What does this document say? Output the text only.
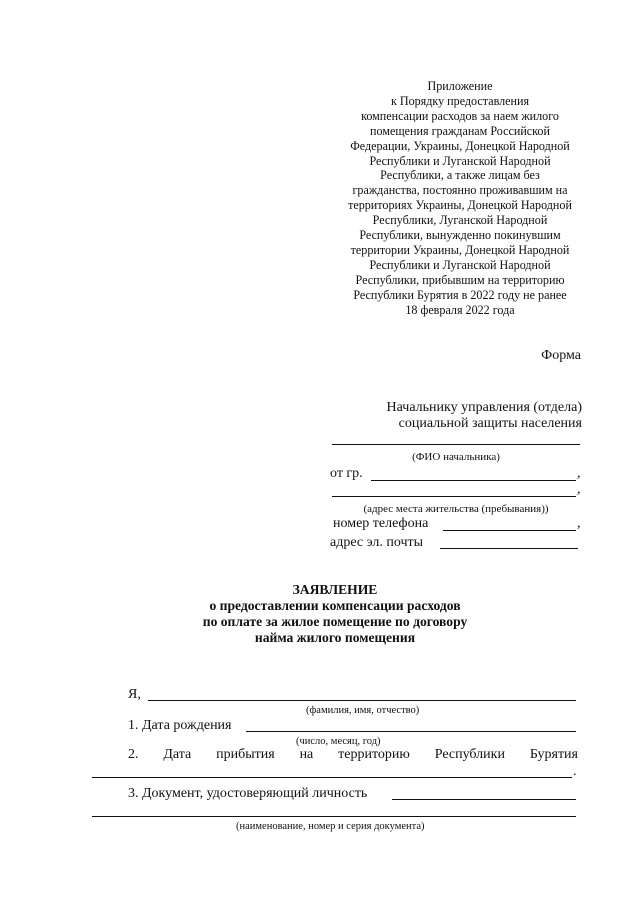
Приложение
к Порядку предоставления
компенсации расходов за наем жилого
помещения гражданам Российской
Федерации, Украины, Донецкой Народной
Республики и Луганской Народной
Республики, а также лицам без
гражданства, постоянно проживавшим на
территориях Украины, Донецкой Народной
Республики, Луганской Народной
Республики, вынужденно покинувшим
территории Украины, Донецкой Народной
Республики и Луганской Народной
Республики, прибывшим на территорию
Республики Бурятия в 2022 году не ранее
18 февраля 2022 года
Форма
Начальнику управления (отдела)
социальной защиты населения
(ФИО начальника)
от гр.	,
,
(адрес места жительства (пребывания))
номер телефона	,
адрес эл. почты
ЗАЯВЛЕНИЕ
о предоставлении компенсации расходов
по оплате за жилое помещение по договору
найма жилого помещения
Я,
(фамилия, имя, отчество)
1. Дата рождения
(число, месяц, год)
2. Дата прибытия на территорию Республики Бурятия
.
3. Документ, удостоверяющий личность
(наименование, номер и серия документа)
